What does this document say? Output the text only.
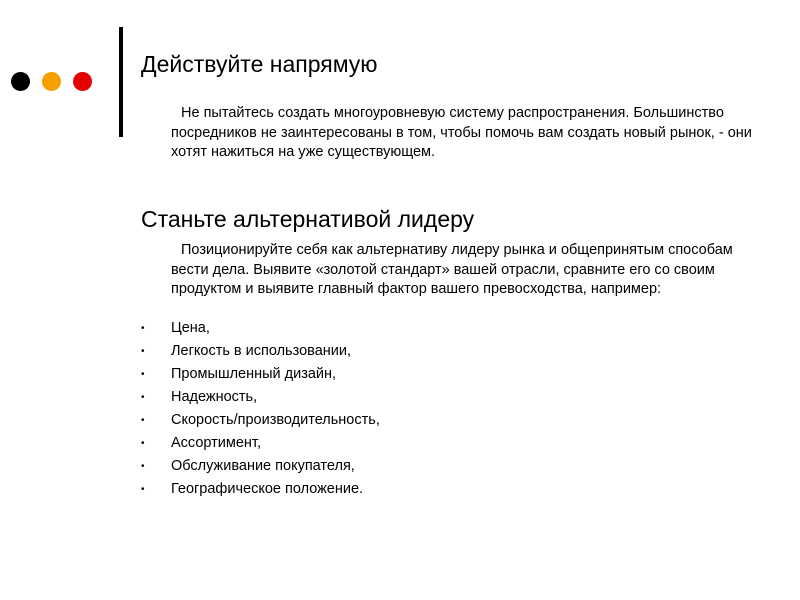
Действуйте напрямую

Не пытайтесь создать многоуровневую систему распространения. Большинство посредников не заинтересованы в том, чтобы помочь вам создать новый рынок, - они хотят нажиться на уже существующем.

Станьте альтернативой лидеру

Позиционируйте себя как альтернативу лидеру рынка и общепринятым способам вести дела. Выявите «золотой стандарт» вашей отрасли, сравните его со своим продуктом и выявите главный фактор вашего превосходства, например:

• Цена,
• Легкость в использовании,
• Промышленный дизайн,
• Надежность,
• Скорость/производительность,
• Ассортимент,
• Обслуживание покупателя,
• Географическое положение.
